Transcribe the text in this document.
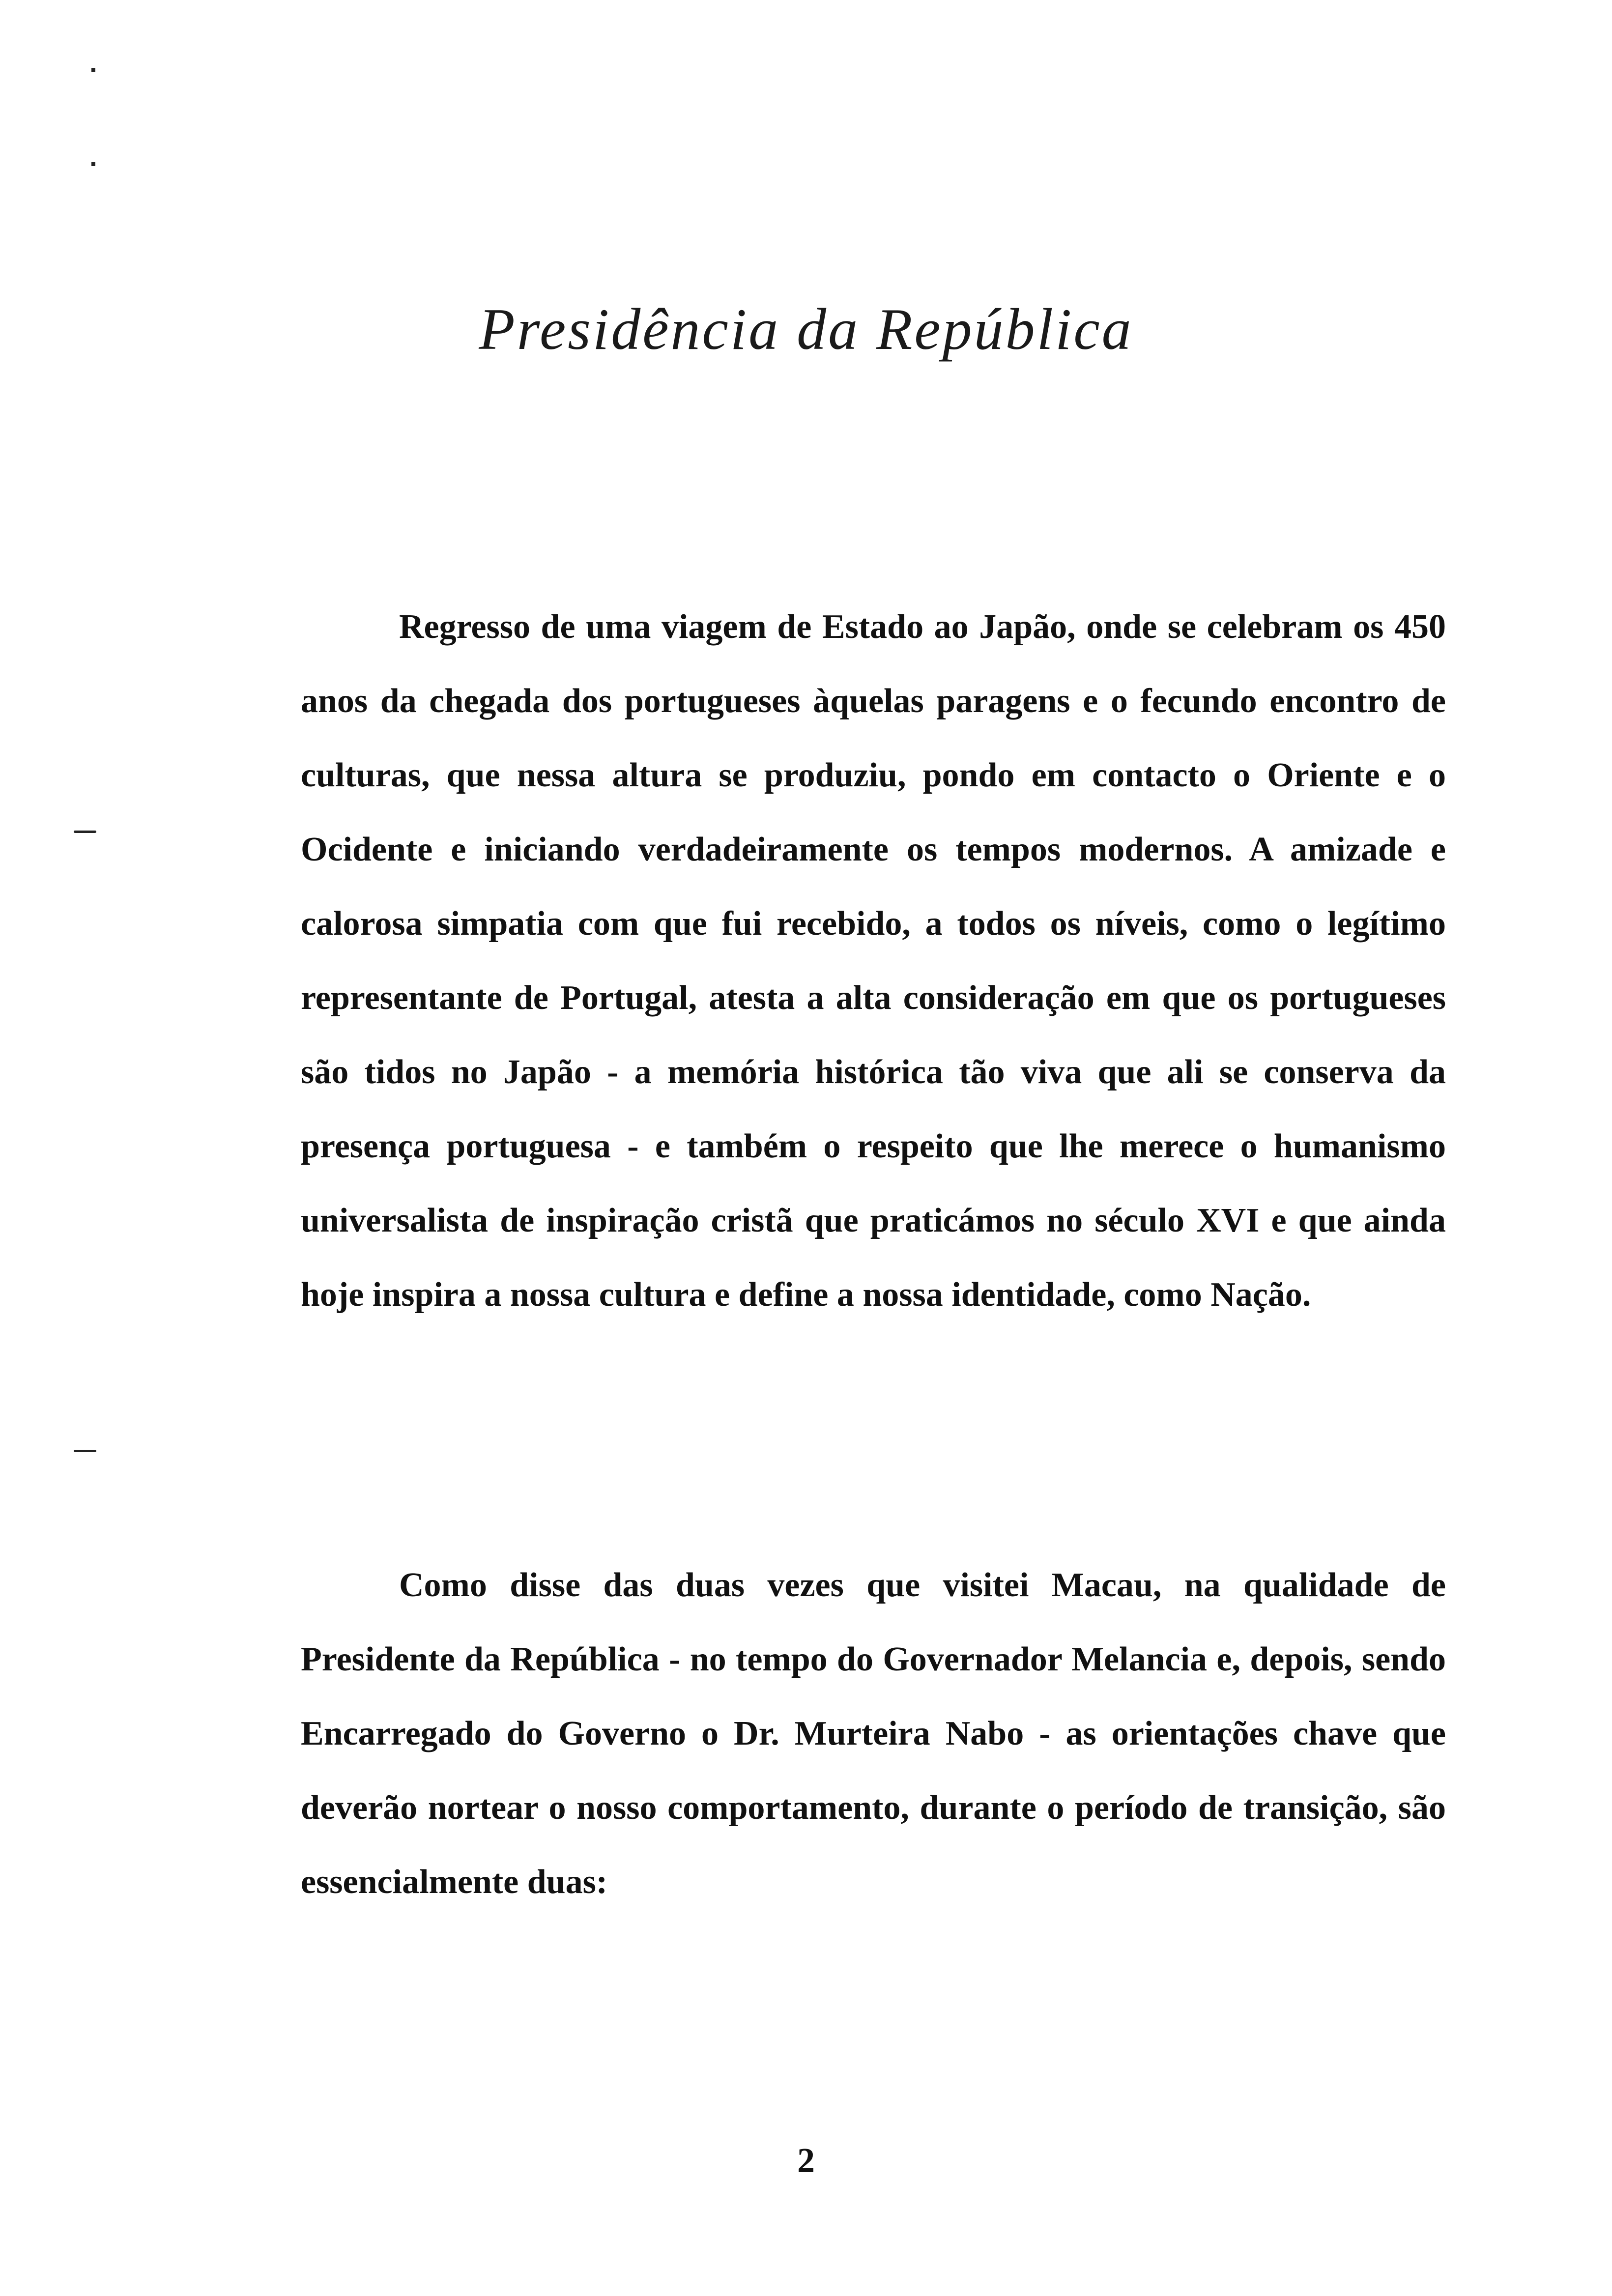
Presidência da República

Regresso de uma viagem de Estado ao Japão, onde se celebram os 450 anos da chegada dos portugueses àquelas paragens e o fecundo encontro de culturas, que nessa altura se produziu, pondo em contacto o Oriente e o Ocidente e iniciando verdadeiramente os tempos modernos. A amizade e calorosa simpatia com que fui recebido, a todos os níveis, como o legítimo representante de Portugal, atesta a alta consideração em que os portugueses são tidos no Japão - a memória histórica tão viva que ali se conserva da presença portuguesa - e também o respeito que lhe merece o humanismo universalista de inspiração cristã que praticámos no século XVI e que ainda hoje inspira a nossa cultura e define a nossa identidade, como Nação.

Como disse das duas vezes que visitei Macau, na qualidade de Presidente da República - no tempo do Governador Melancia e, depois, sendo Encarregado do Governo o Dr. Murteira Nabo - as orientações chave que deverão nortear o nosso comportamento, durante o período de transição, são essencialmente duas:

2
